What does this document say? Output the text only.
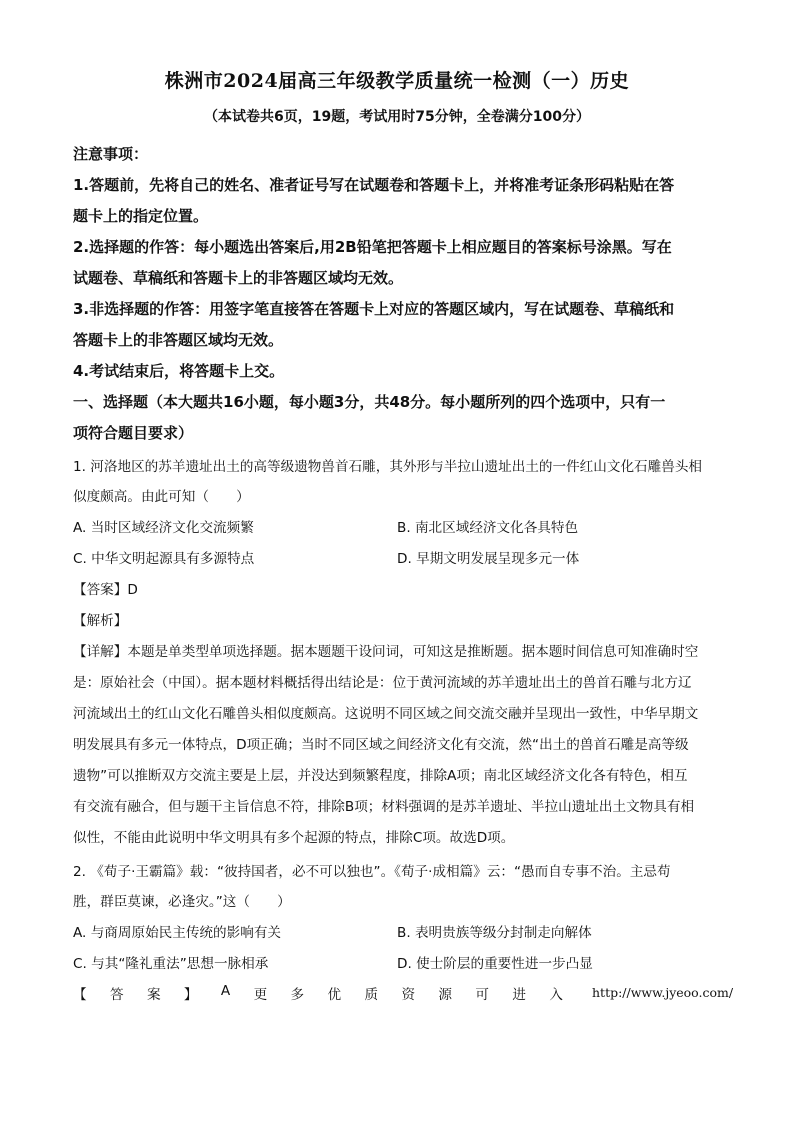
株洲市2024届高三年级教学质量统一检测（一）历史
（本试卷共6页，19题，考试用时75分钟，全卷满分100分）
注意事项：
1.答题前，先将自己的姓名、准者证号写在试题卷和答题卡上，并将准考证条形码粘贴在答
题卡上的指定位置。
2.选择题的作答：每小题选出答案后,用2B铅笔把答题卡上相应题目的答案标号涂黑。写在
试题卷、草稿纸和答题卡上的非答题区域均无效。
3.非选择题的作答：用签字笔直接答在答题卡上对应的答题区域内，写在试题卷、草稿纸和
答题卡上的非答题区域均无效。
4.考试结束后，将答题卡上交。
一、选择题（本大题共16小题，每小题3分，共48分。每小题所列的四个选项中，只有一
项符合题目要求）
1. 河洛地区的苏羊遗址出土的高等级遗物兽首石雕，其外形与半拉山遗址出土的一件红山文化石雕兽头相
似度颇高。由此可知（　　）
A. 当时区域经济文化交流频繁	B. 南北区域经济文化各具特色
C. 中华文明起源具有多源特点	D. 早期文明发展呈现多元一体
【答案】D
【解析】
【详解】本题是单类型单项选择题。据本题题干设问词，可知这是推断题。据本题时间信息可知准确时空
是：原始社会（中国）。据本题材料概括得出结论是：位于黄河流域的苏羊遗址出土的兽首石雕与北方辽
河流域出土的红山文化石雕兽头相似度颇高。这说明不同区域之间交流交融并呈现出一致性，中华早期文
明发展具有多元一体特点，D项正确；当时不同区域之间经济文化有交流，然“出土的兽首石雕是高等级
遗物”可以推断双方交流主要是上层，并没达到频繁程度，排除A项；南北区域经济文化各有特色，相互
有交流有融合，但与题干主旨信息不符，排除B项；材料强调的是苏羊遗址、半拉山遗址出土文物具有相
似性，不能由此说明中华文明具有多个起源的特点，排除C项。故选D项。
2. 《荀子·王霸篇》载：“彼持国者，必不可以独也”。《荀子·成相篇》云：“愚而自专事不治。主忌苟
胜，群臣莫谏，必逢灾。”这（　　）
A. 与商周原始民主传统的影响有关	B. 表明贵族等级分封制走向解体
C. 与其“隆礼重法”思想一脉相承	D. 使士阶层的重要性进一步凸显
【 答 案 】 A 更 多 优 质 资 源 可 进 入 http://www.jyeoo.com/
